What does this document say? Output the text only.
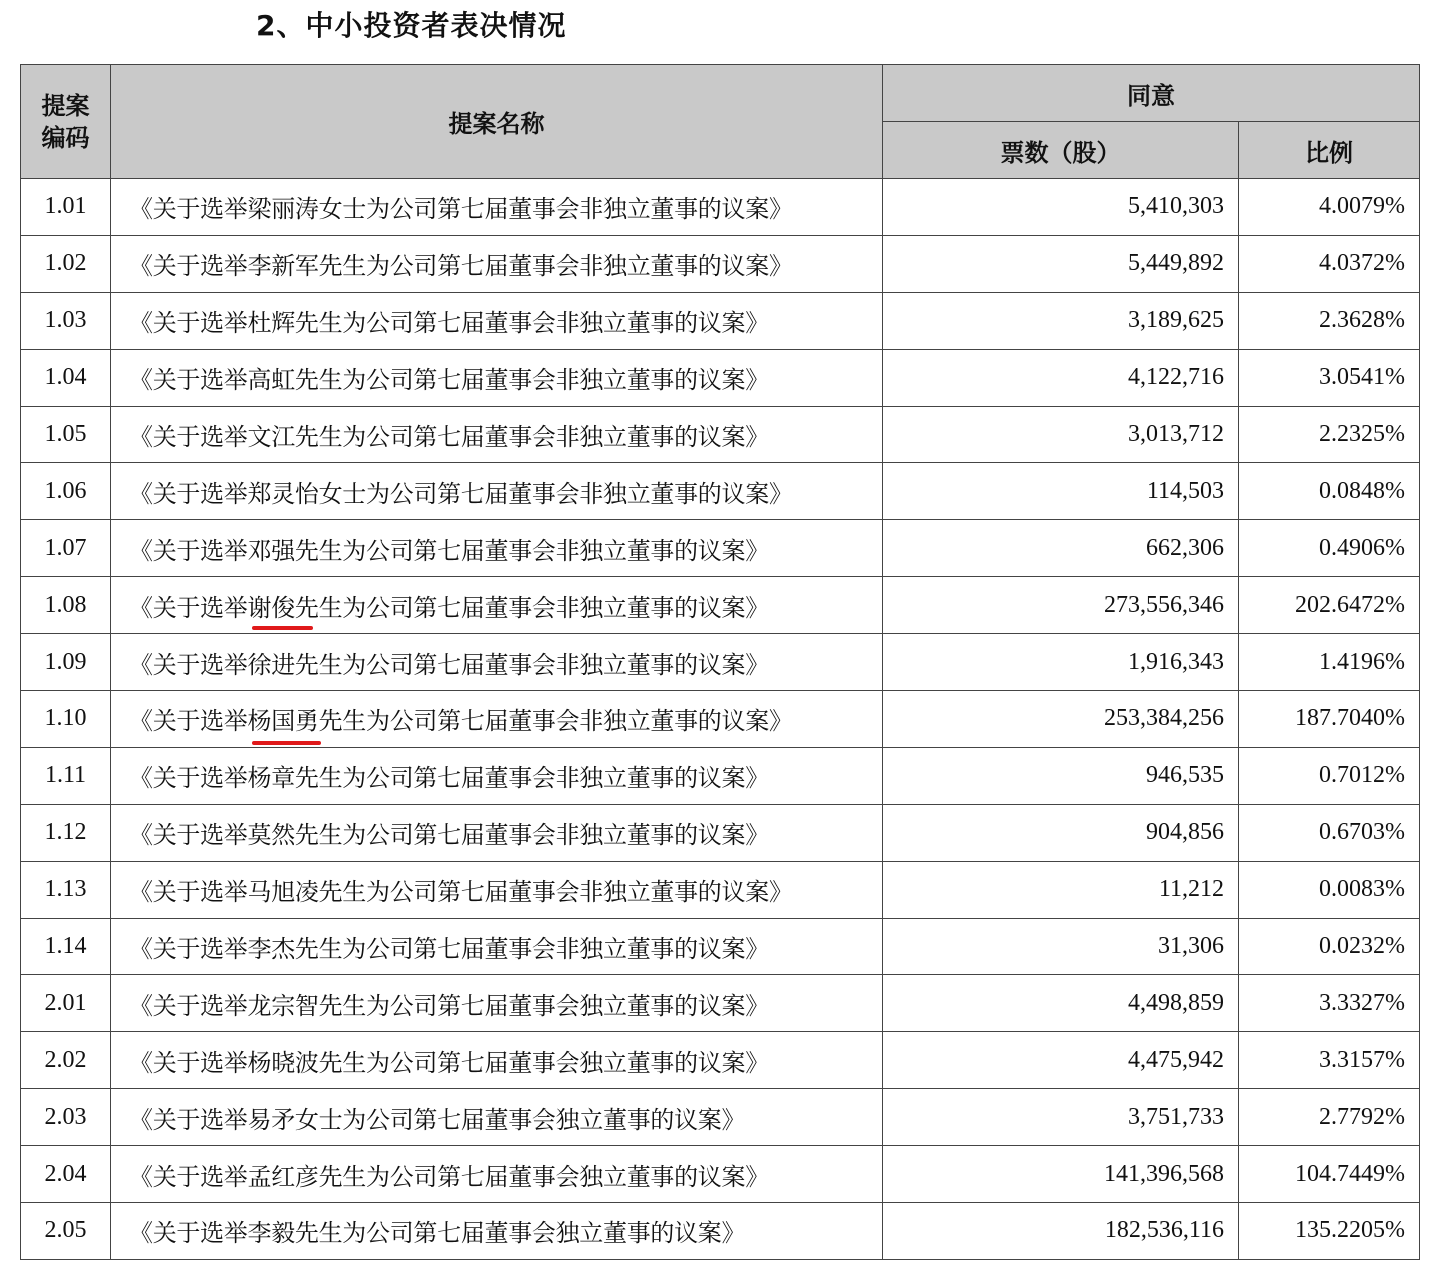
2、中小投资者表决情况
提案
编码	提案名称	同意	
		票数（股）	比例
1.01	《关于选举梁丽涛女士为公司第七届董事会非独立董事的议案》	5,410,303	4.0079%
1.02	《关于选举李新军先生为公司第七届董事会非独立董事的议案》	5,449,892	4.0372%
1.03	《关于选举杜辉先生为公司第七届董事会非独立董事的议案》	3,189,625	2.3628%
1.04	《关于选举高虹先生为公司第七届董事会非独立董事的议案》	4,122,716	3.0541%
1.05	《关于选举文江先生为公司第七届董事会非独立董事的议案》	3,013,712	2.2325%
1.06	《关于选举郑灵怡女士为公司第七届董事会非独立董事的议案》	114,503	0.0848%
1.07	《关于选举邓强先生为公司第七届董事会非独立董事的议案》	662,306	0.4906%
1.08	《关于选举谢俊先生为公司第七届董事会非独立董事的议案》	273,556,346	202.6472%
1.09	《关于选举徐进先生为公司第七届董事会非独立董事的议案》	1,916,343	1.4196%
1.10	《关于选举杨国勇先生为公司第七届董事会非独立董事的议案》	253,384,256	187.7040%
1.11	《关于选举杨章先生为公司第七届董事会非独立董事的议案》	946,535	0.7012%
1.12	《关于选举莫然先生为公司第七届董事会非独立董事的议案》	904,856	0.6703%
1.13	《关于选举马旭凌先生为公司第七届董事会非独立董事的议案》	11,212	0.0083%
1.14	《关于选举李杰先生为公司第七届董事会非独立董事的议案》	31,306	0.0232%
2.01	《关于选举龙宗智先生为公司第七届董事会独立董事的议案》	4,498,859	3.3327%
2.02	《关于选举杨晓波先生为公司第七届董事会独立董事的议案》	4,475,942	3.3157%
2.03	《关于选举易矛女士为公司第七届董事会独立董事的议案》	3,751,733	2.7792%
2.04	《关于选举孟红彦先生为公司第七届董事会独立董事的议案》	141,396,568	104.7449%
2.05	《关于选举李毅先生为公司第七届董事会独立董事的议案》	182,536,116	135.2205%
